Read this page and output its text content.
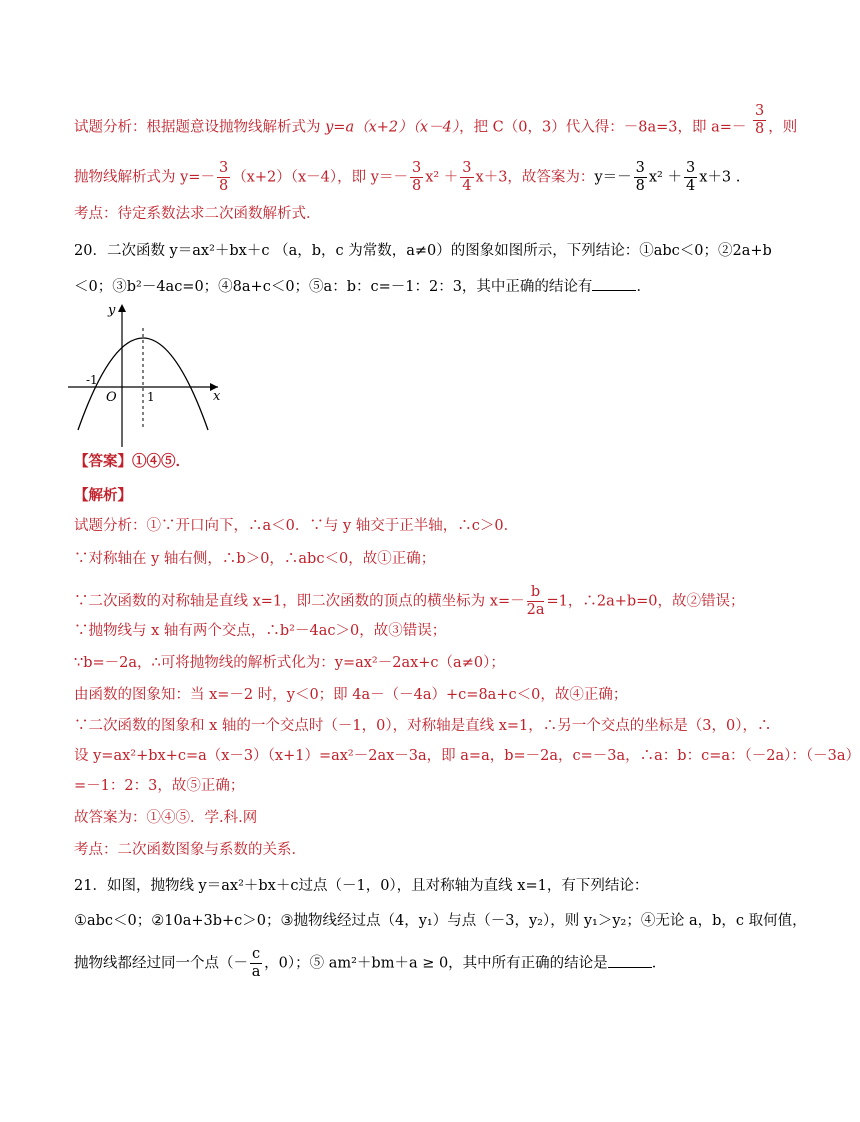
试题分析：根据题意设抛物线解析式为 y=a（x+2）（x－4），把 C（0，3）代入得：－8a=3，即 $a=- \frac{3}{8}$ ，则
抛物线解析式为 $y=- \frac{3}{8} (x+2)(x-4)$，即 $y=- \frac{3}{8} x^2 + \frac{3}{4} x+3$，故答案为：$y=- \frac{3}{8} x^2 + \frac{3}{4} x+3$ .
考点：待定系数法求二次函数解析式．
20．二次函数 y＝ax²＋bx＋c （a，b，c 为常数，a≠0）的图象如图所示，下列结论：①abc＜0；②2a+b
＜0；③b²－4ac=0；④8a+c＜0；⑤a：b：c=－1：2：3，其中正确的结论有	．
y
x
O
-1
1
【答案】①④⑤．
【解析】
试题分析：①∵开口向下，∴a＜0．∵与 y 轴交于正半轴，∴c＞0．
∵对称轴在 y 轴右侧，∴b＞0，∴abc＜0，故①正确；
∵二次函数的对称轴是直线 x=1，即二次函数的顶点的横坐标为 $x=- \frac{b}{2a} =1$，∴2a+b=0，故②错误；
∵抛物线与 x 轴有两个交点，∴b²－4ac＞0，故③错误；
∵b=－2a，∴可将抛物线的解析式化为：y=ax²－2ax+c（a≠0）；
由函数的图象知：当 x=－2 时，y＜0；即 4a－（－4a）+c=8a+c＜0，故④正确；
∵二次函数的图象和 x 轴的一个交点时（－1，0），对称轴是直线 x=1，∴另一个交点的坐标是（3，0），∴
设 y=ax²+bx+c=a（x－3）（x+1）=ax²－2ax－3a，即 a=a，b=－2a，c=－3a，∴a：b：c=a：（－2a）：（－3a）
=－1：2：3，故⑤正确；
故答案为：①④⑤．学.科.网
考点：二次函数图象与系数的关系．
21．如图，抛物线 y＝ax²＋bx＋c过点（－1，0），且对称轴为直线 x=1，有下列结论：
①abc＜0；②10a+3b+c＞0；③抛物线经过点（4，y₁）与点（－3，y₂），则 y₁＞y₂；④无论 a，b，c 取何值，
抛物线都经过同一个点（－ $\frac{c}{a}$ ，0）；⑤ am²＋bm＋a ≥ 0，其中所有正确的结论是	．
